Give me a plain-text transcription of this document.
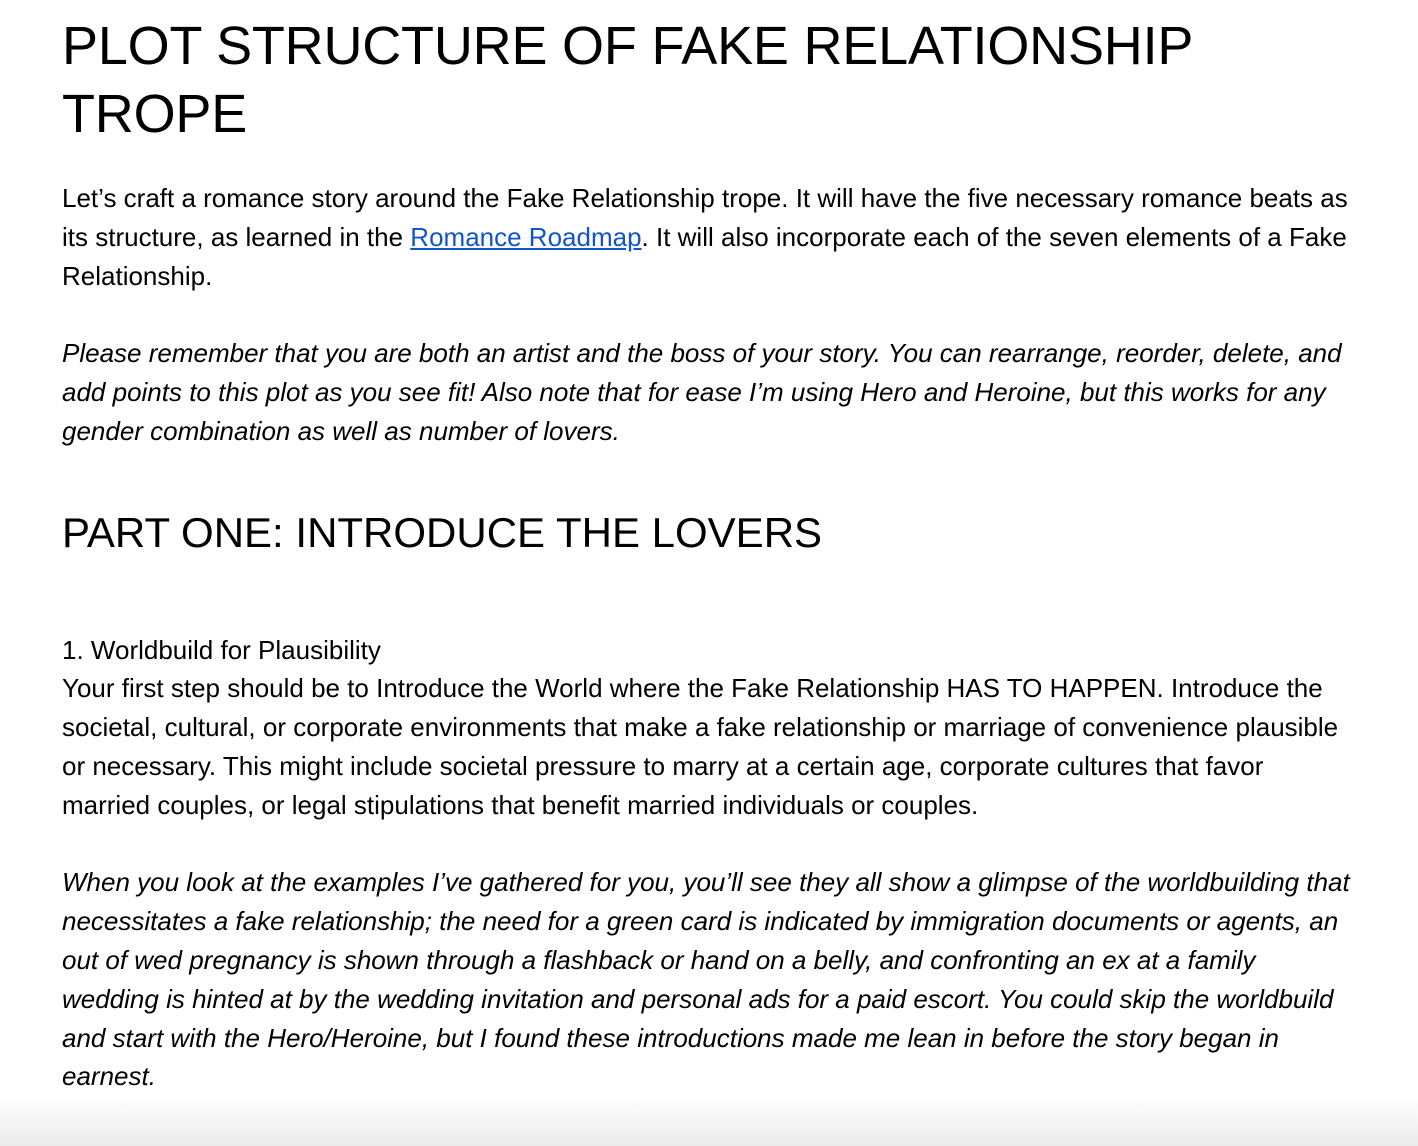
PLOT STRUCTURE OF FAKE RELATIONSHIP TROPE

Let’s craft a romance story around the Fake Relationship trope. It will have the five necessary romance beats as its structure, as learned in the Romance Roadmap. It will also incorporate each of the seven elements of a Fake Relationship.

Please remember that you are both an artist and the boss of your story. You can rearrange, reorder, delete, and add points to this plot as you see fit! Also note that for ease I’m using Hero and Heroine, but this works for any gender combination as well as number of lovers.

PART ONE: INTRODUCE THE LOVERS

1. Worldbuild for Plausibility

Your first step should be to Introduce the World where the Fake Relationship HAS TO HAPPEN. Introduce the societal, cultural, or corporate environments that make a fake relationship or marriage of convenience plausible or necessary. This might include societal pressure to marry at a certain age, corporate cultures that favor married couples, or legal stipulations that benefit married individuals or couples.

When you look at the examples I’ve gathered for you, you’ll see they all show a glimpse of the worldbuilding that necessitates a fake relationship; the need for a green card is indicated by immigration documents or agents, an out of wed pregnancy is shown through a flashback or hand on a belly, and confronting an ex at a family wedding is hinted at by the wedding invitation and personal ads for a paid escort. You could skip the worldbuild and start with the Hero/Heroine, but I found these introductions made me lean in before the story began in earnest.
